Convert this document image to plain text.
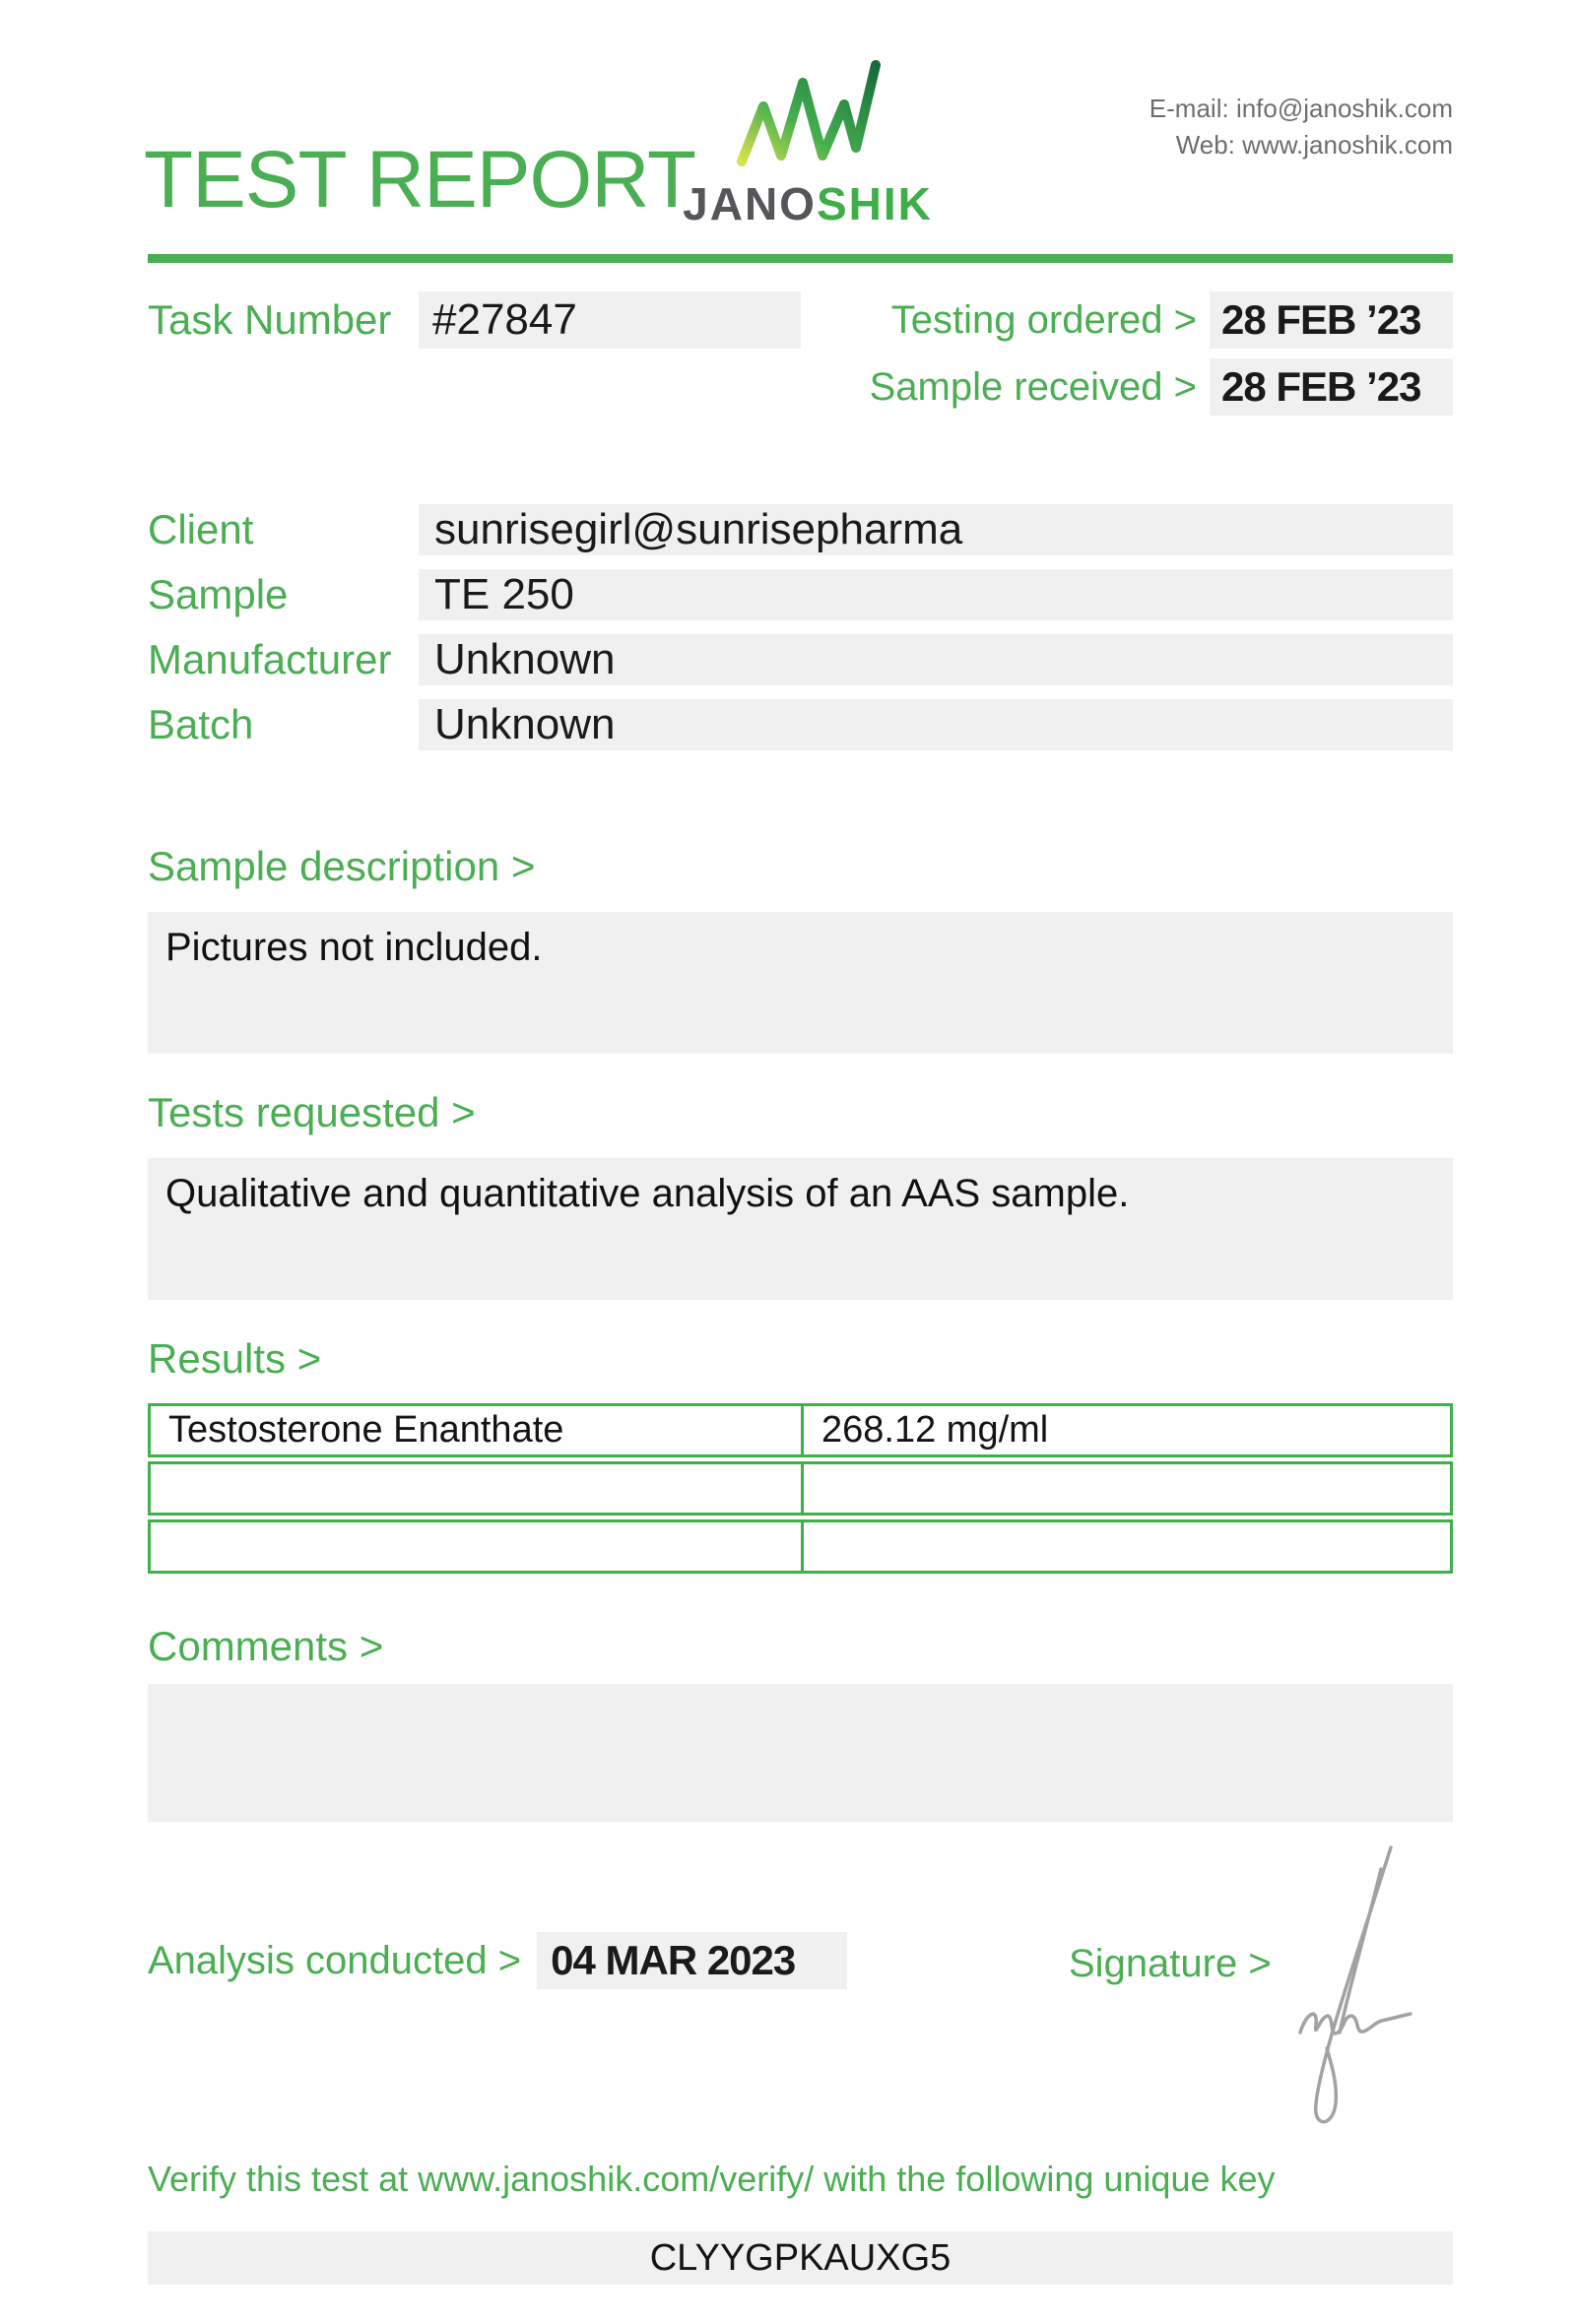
TEST REPORT
JANOSHIK
E-mail: info@janoshik.com
Web: www.janoshik.com
Task Number #27847	Testing ordered > 28 FEB ’23
Sample received > 28 FEB ’23
Client	sunrisegirl@sunrisepharma
Sample	TE 250
Manufacturer Unknown
Batch	Unknown
Sample description >
Pictures not included.
Tests requested >
Qualitative and quantitative analysis of an AAS sample.
Results >
Testosterone Enanthate	268.12 mg/ml
Comments >
Analysis conducted > 04 MAR 2023	Signature >
Verify this test at www.janoshik.com/verify/ with the following unique key
CLYYGPKAUXG5
